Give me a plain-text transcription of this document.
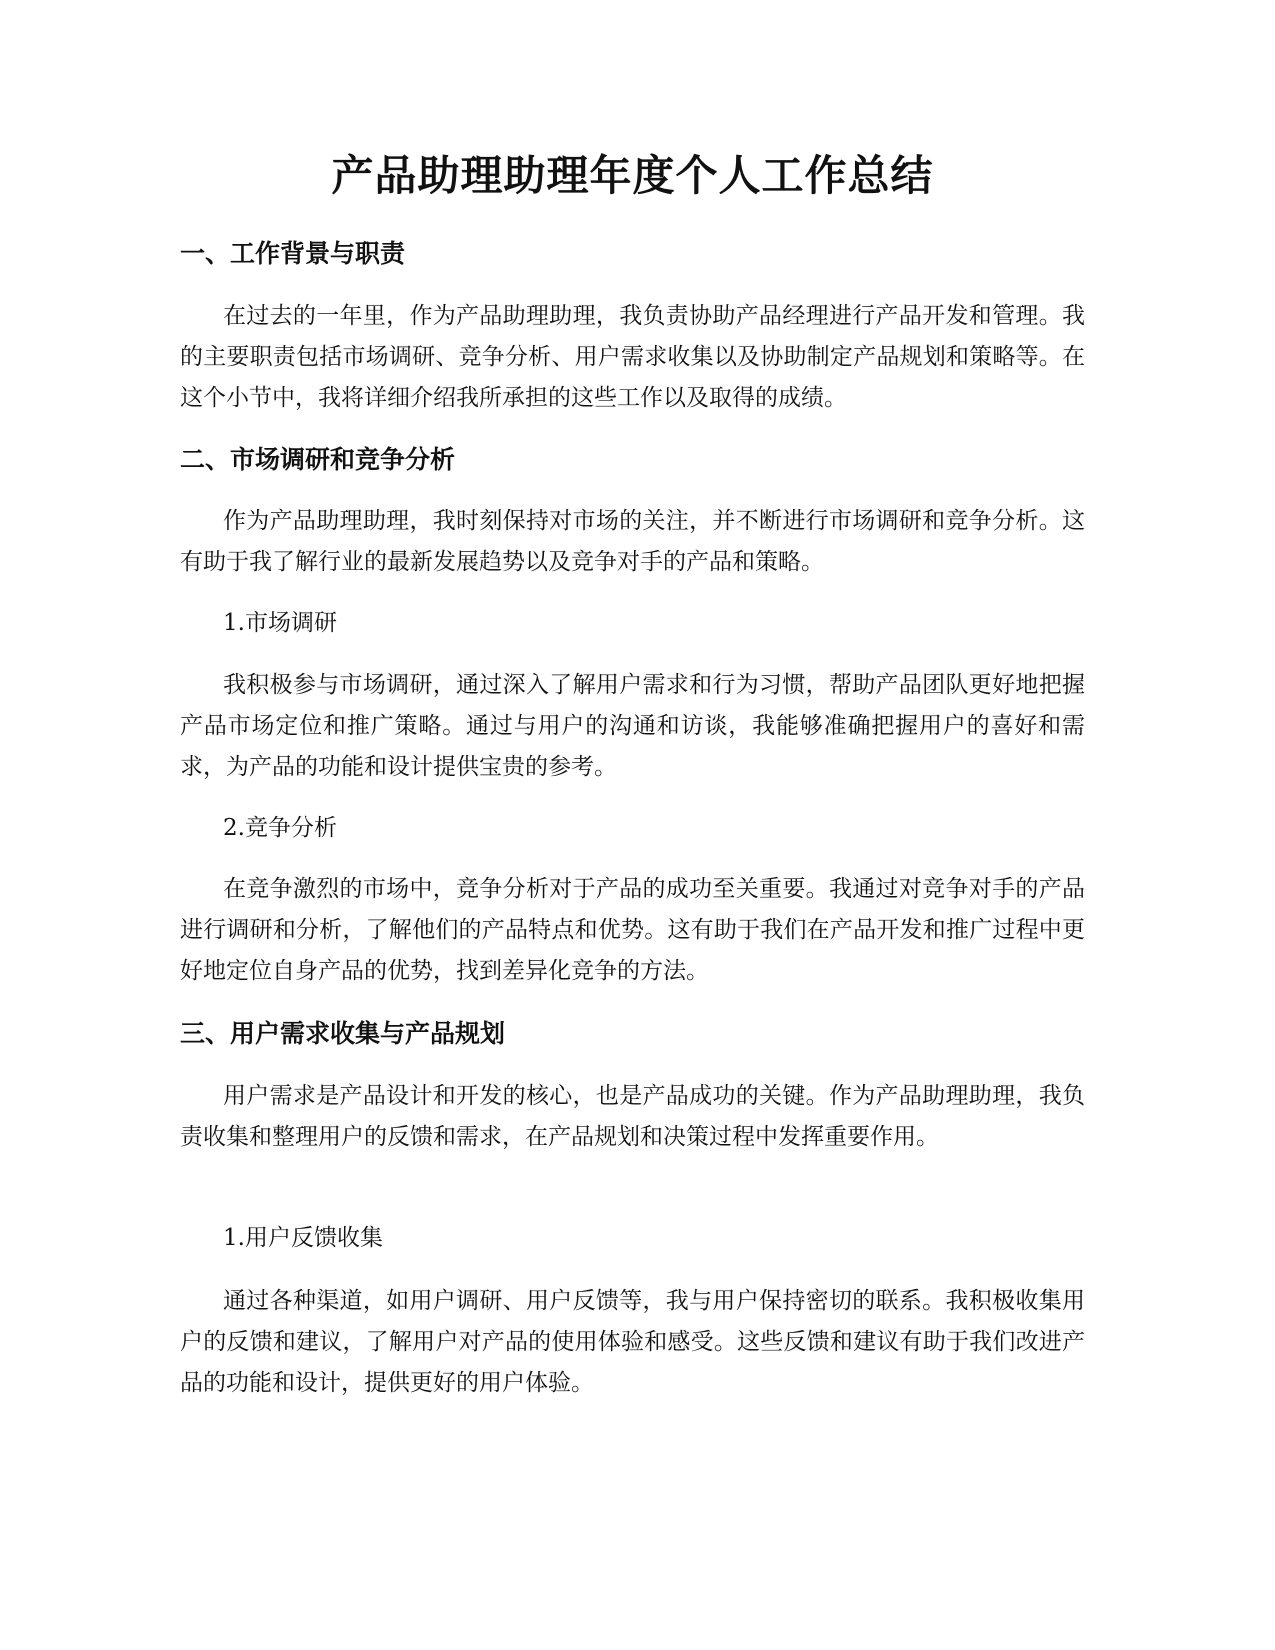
产品助理助理年度个人工作总结
一、工作背景与职责

在过去的一年里，作为产品助理助理，我负责协助产品经理进行产品开发和管理。我的主要职责包括市场调研、竞争分析、用户需求收集以及协助制定产品规划和策略等。在这个小节中，我将详细介绍我所承担的这些工作以及取得的成绩。

二、市场调研和竞争分析

作为产品助理助理，我时刻保持对市场的关注，并不断进行市场调研和竞争分析。这有助于我了解行业的最新发展趋势以及竞争对手的产品和策略。

1.市场调研

我积极参与市场调研，通过深入了解用户需求和行为习惯，帮助产品团队更好地把握产品市场定位和推广策略。通过与用户的沟通和访谈，我能够准确把握用户的喜好和需求，为产品的功能和设计提供宝贵的参考。

2.竞争分析

在竞争激烈的市场中，竞争分析对于产品的成功至关重要。我通过对竞争对手的产品进行调研和分析，了解他们的产品特点和优势。这有助于我们在产品开发和推广过程中更好地定位自身产品的优势，找到差异化竞争的方法。

三、用户需求收集与产品规划

用户需求是产品设计和开发的核心，也是产品成功的关键。作为产品助理助理，我负责收集和整理用户的反馈和需求，在产品规划和决策过程中发挥重要作用。

1.用户反馈收集

通过各种渠道，如用户调研、用户反馈等，我与用户保持密切的联系。我积极收集用户的反馈和建议，了解用户对产品的使用体验和感受。这些反馈和建议有助于我们改进产品的功能和设计，提供更好的用户体验。
